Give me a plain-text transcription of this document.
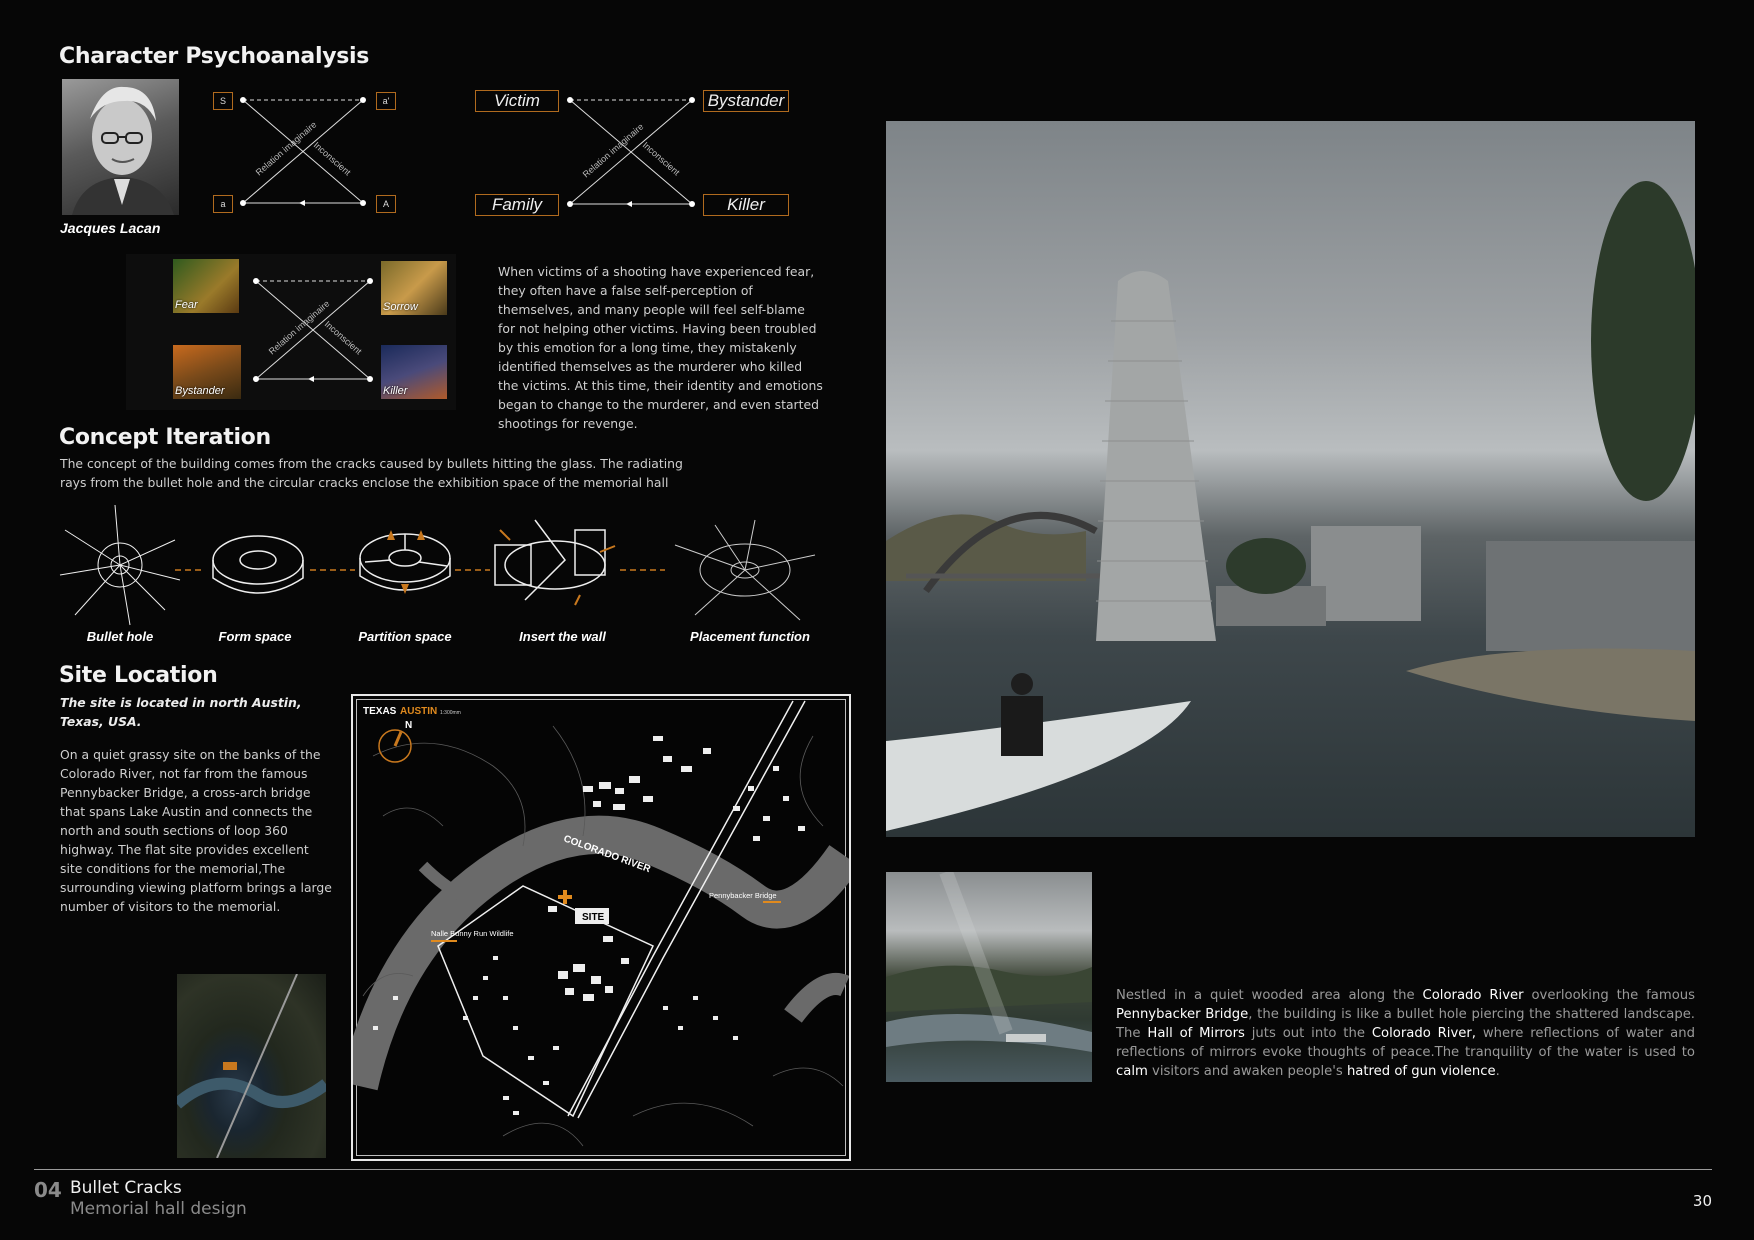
Character Psychoanalysis
Jacques Lacan
S	a'
a	A
Relation imaginaire
Inconscient
Victim	Bystander
Family	Killer
Relation imaginaire
Inconscient
Fear	Sorrow
Bystander	Killer
Relation imaginaire
Inconscient
When victims of a shooting have experienced fear, they often have a false self-perception of themselves, and many people will feel self-blame for not helping other victims. Having been troubled by this emotion for a long time, they mistakenly identified themselves as the murderer who killed the victims. At this time, their identity and emotions began to change to the murderer, and even started shootings for revenge.
Concept Iteration
The concept of the building comes from the cracks caused by bullets hitting the glass. The radiating rays from the bullet hole and the circular cracks enclose the exhibition space of the memorial hall
Bullet hole	Form space	Partition space	Insert the wall	Placement function
Site Location
The site is located in north Austin, Texas, USA.
On a quiet grassy site on the banks of the Colorado River, not far from the famous Pennybacker Bridge, a cross-arch bridge that spans Lake Austin and connects the north and south sections of loop 360 highway. The flat site provides excellent site conditions for the memorial,The surrounding viewing platform brings a large number of visitors to the memorial.
TEXAS AUSTIN 1:300mm
N
COLORADO RIVER
Pennybacker Bridge
Nalle Bunny Run Wildlife
SITE
Nestled in a quiet wooded area along the Colorado River overlooking the famous Pennybacker Bridge, the building is like a bullet hole piercing the shattered landscape. The Hall of Mirrors juts out into the Colorado River, where reflections of water and reflections of mirrors evoke thoughts of peace.The tranquility of the water is used to calm visitors and awaken people's hatred of gun violence.
04 Bullet Cracks
Memorial hall design	30
